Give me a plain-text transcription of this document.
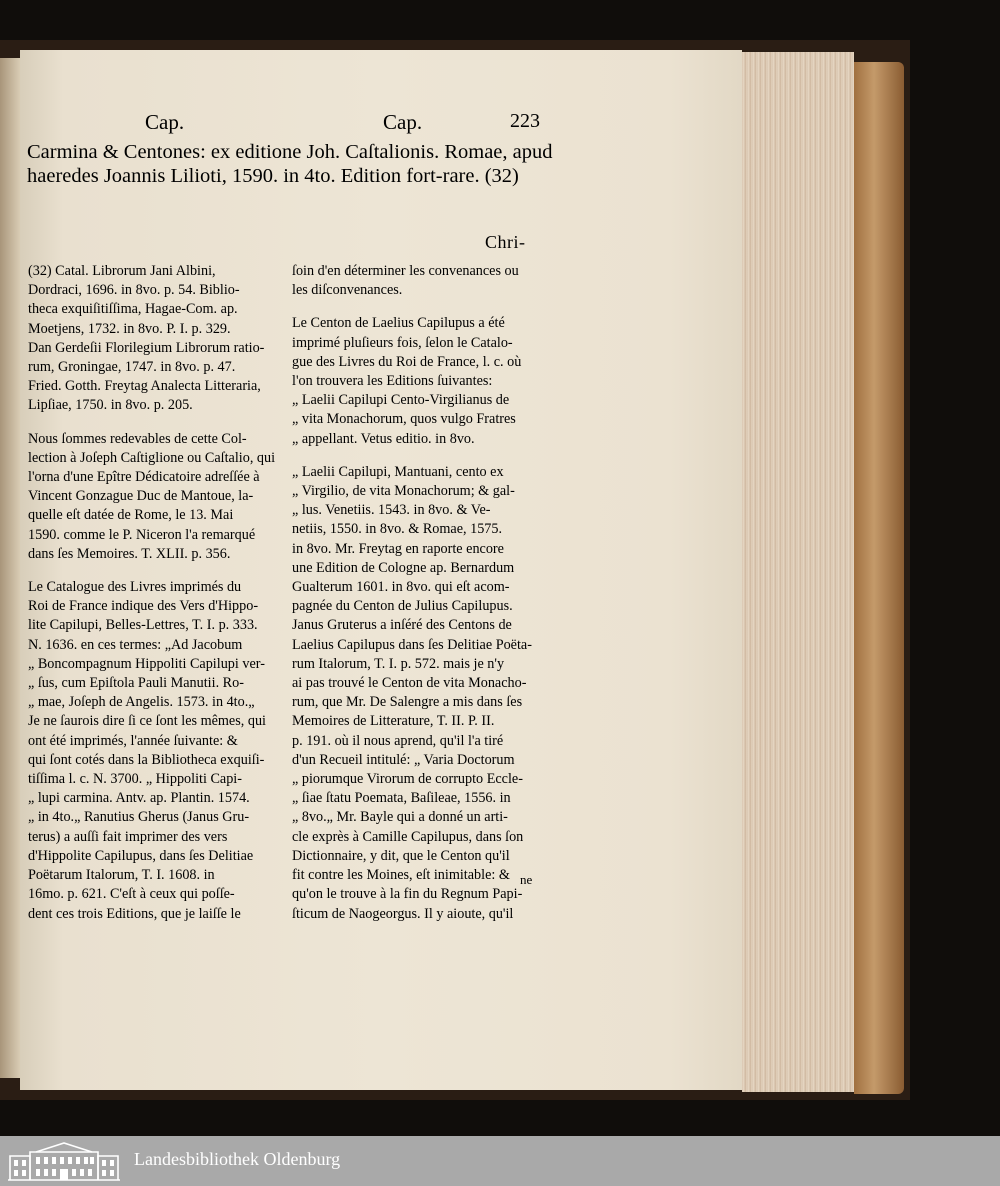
Cap.	Cap.	223
Carmina & Centones: ex editione Joh. Caſtalionis. Romae, apud
haeredes Joannis Lilioti, 1590. in 4to. Edition fort-rare. (32)
Chri-
(32) Catal. Librorum Jani Albini,
Dordraci, 1696. in 8vo. p. 54. Biblio-
theca exquiſitiſſima, Hagae-Com. ap.
Moetjens, 1732. in 8vo. P. I. p. 329.
Dan Gerdeſii Florilegium Librorum ratio-
rum, Groningae, 1747. in 8vo. p. 47.
Fried. Gotth. Freytag Analecta Litteraria,
Lipſiae, 1750. in 8vo. p. 205.
Nous ſommes redevables de cette Col-
lection à Joſeph Caſtiglione ou Caſtalio, qui
l'orna d'une Epître Dédicatoire adreſſée à
Vincent Gonzague Duc de Mantoue, la-
quelle eſt datée de Rome, le 13. Mai
1590. comme le P. Niceron l'a remarqué
dans ſes Memoires. T. XLII. p. 356.
Le Catalogue des Livres imprimés du
Roi de France indique des Vers d'Hippo-
lite Capilupi, Belles-Lettres, T. I. p. 333.
N. 1636. en ces termes: „Ad Jacobum
„ Boncompagnum Hippoliti Capilupi ver-
„ ſus, cum Epiſtola Pauli Manutii. Ro-
„ mae, Joſeph de Angelis. 1573. in 4to.„
Je ne ſaurois dire ſi ce ſont les mêmes, qui
ont été imprimés, l'année ſuivante: &
qui ſont cotés dans la Bibliotheca exquiſi-
tiſſima l. c. N. 3700. „ Hippoliti Capi-
„ lupi carmina. Antv. ap. Plantin. 1574.
„ in 4to.„ Ranutius Gherus (Janus Gru-
terus) a auſſi fait imprimer des vers
d'Hippolite Capilupus, dans ſes Delitiae
Poëtarum Italorum, T. I. 1608. in
16mo. p. 621. C'eſt à ceux qui poſſe-
dent ces trois Editions, que je laiſſe le
ſoin d'en déterminer les convenances ou
les diſconvenances.
Le Centon de Laelius Capilupus a été
imprimé pluſieurs fois, ſelon le Catalo-
gue des Livres du Roi de France, l. c. où
l'on trouvera les Editions ſuivantes:
„ Laelii Capilupi Cento-Virgilianus de
„ vita Monachorum, quos vulgo Fratres
„ appellant. Vetus editio. in 8vo.
„ Laelii Capilupi, Mantuani, cento ex
„ Virgilio, de vita Monachorum; & gal-
„ lus. Venetiis. 1543. in 8vo. & Ve-
netiis, 1550. in 8vo. & Romae, 1575.
in 8vo. Mr. Freytag en raporte encore
une Edition de Cologne ap. Bernardum
Gualterum 1601. in 8vo. qui eſt acom-
pagnée du Centon de Julius Capilupus.
Janus Gruterus a inſéré des Centons de
Laelius Capilupus dans ſes Delitiae Poëta-
rum Italorum, T. I. p. 572. mais je n'y
ai pas trouvé le Centon de vita Monacho-
rum, que Mr. De Salengre a mis dans ſes
Memoires de Litterature, T. II. P. II.
p. 191. où il nous aprend, qu'il l'a tiré
d'un Recueil intitulé: „ Varia Doctorum
„ piorumque Virorum de corrupto Eccle-
„ ſiae ſtatu Poemata, Baſileae, 1556. in
„ 8vo.„ Mr. Bayle qui a donné un arti-
cle exprès à Camille Capilupus, dans ſon
Dictionnaire, y dit, que le Centon qu'il
fit contre les Moines, eſt inimitable: &
qu'on le trouve à la fin du Regnum Papi-
ſticum de Naogeorgus. Il y aioute, qu'il
ne
Landesbibliothek Oldenburg
